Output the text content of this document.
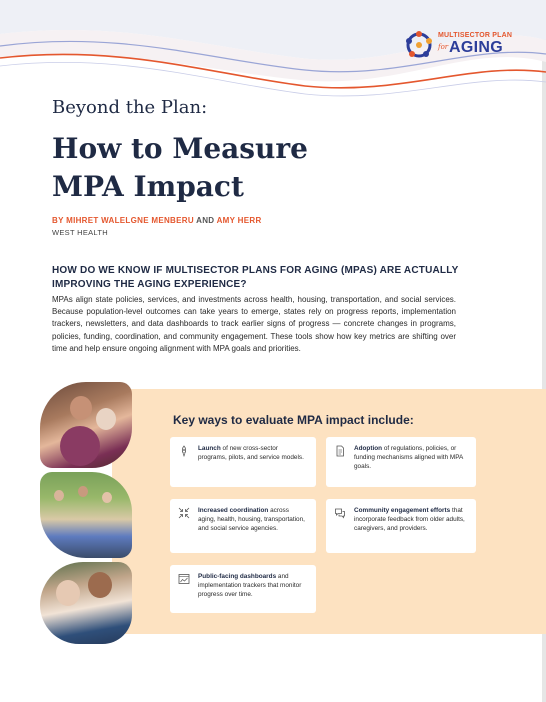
MULTISECTOR PLAN
for AGING
Beyond the Plan:
How to Measure
MPA Impact
BY MIHRET WALELGNE MENBERU AND AMY HERR
WEST HEALTH
HOW DO WE KNOW IF MULTISECTOR PLANS FOR AGING (MPAS) ARE ACTUALLY IMPROVING THE AGING EXPERIENCE?
MPAs align state policies, services, and investments across health, housing, transportation, and social services. Because population-level outcomes can take years to emerge, states rely on progress reports, implementation trackers, newsletters, and data dashboards to track earlier signs of progress — concrete changes in programs, policies, funding, coordination, and community engagement. These tools show how key metrics are shifting over time and help ensure ongoing alignment with MPA goals and priorities.
Key ways to evaluate MPA impact include:
Launch of new cross-sector programs, pilots, and service models.
Adoption of regulations, policies, or funding mechanisms aligned with MPA goals.
Increased coordination across aging, health, housing, transportation, and social service agencies.
Community engagement efforts that incorporate feedback from older adults, caregivers, and providers.
Public-facing dashboards and implementation trackers that monitor progress over time.
